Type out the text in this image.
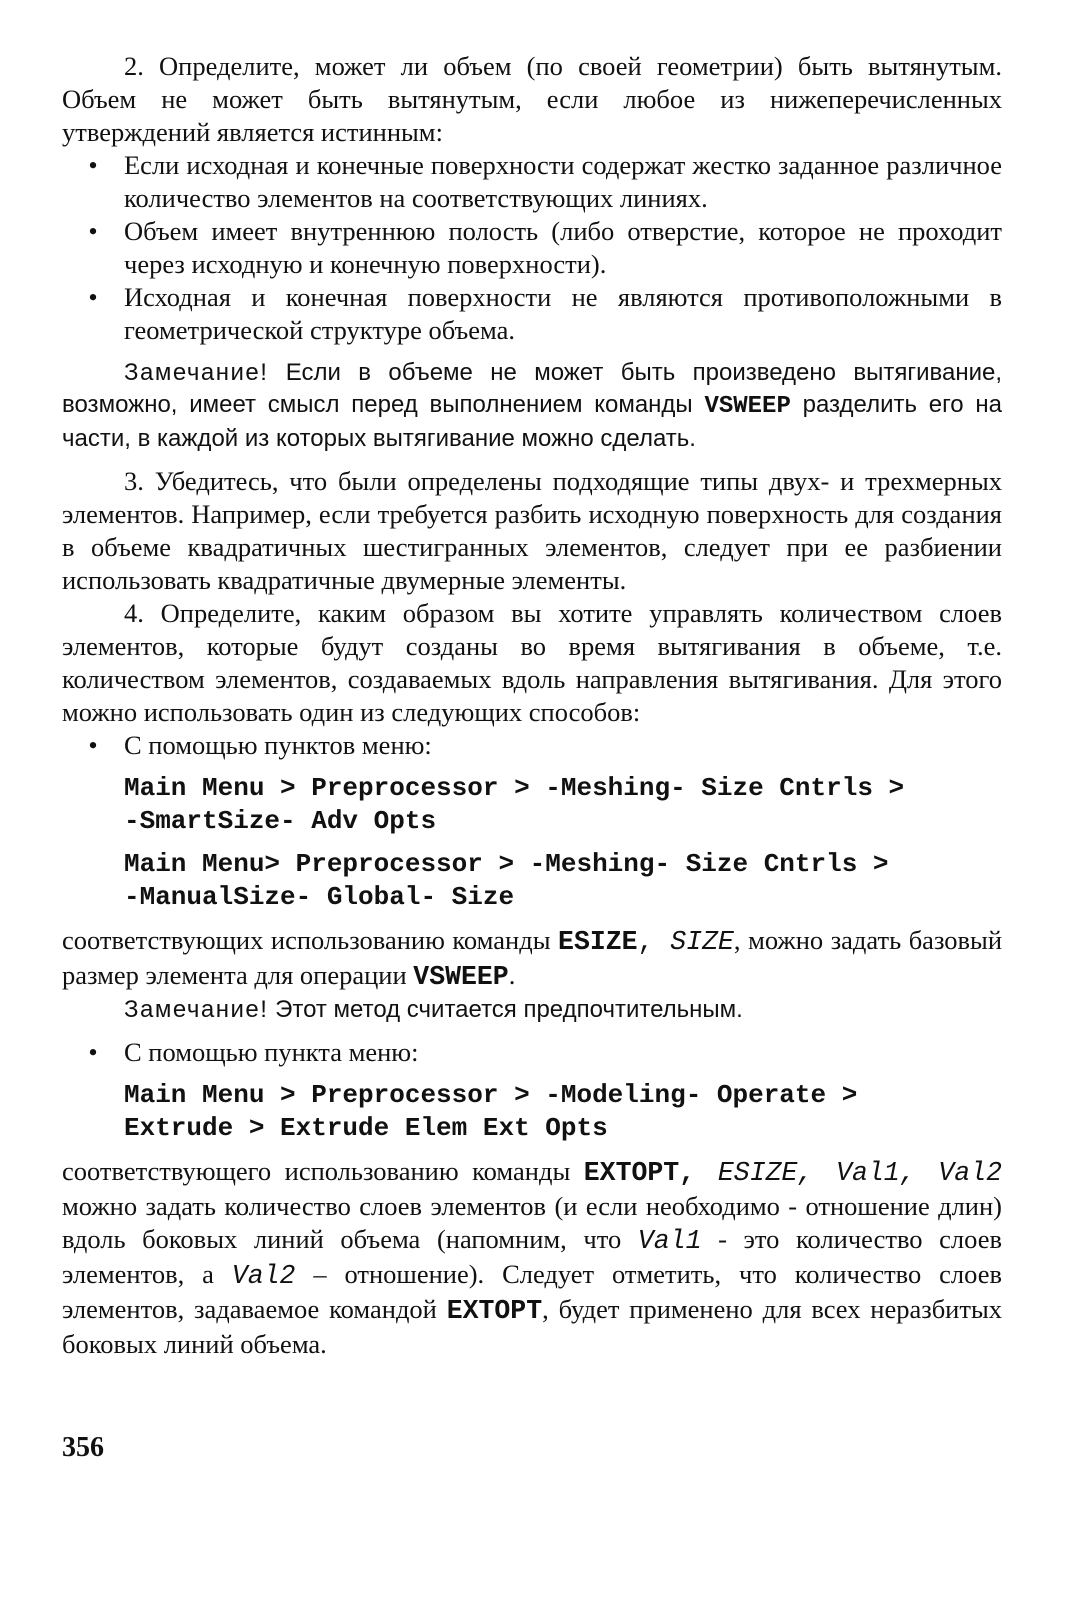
2. Определите, может ли объем (по своей геометрии) быть вытянутым. Объем не может быть вытянутым, если любое из нижеперечисленных утверждений является истинным:

• Если исходная и конечные поверхности содержат жестко заданное различное количество элементов на соответствующих линиях.

• Объем имеет внутреннюю полость (либо отверстие, которое не проходит через исходную и конечную поверхности).

• Исходная и конечная поверхности не являются противоположными в геометрической структуре объема.

Замечание! Если в объеме не может быть произведено вытягивание, возможно, имеет смысл перед выполнением команды VSWEEP разделить его на части, в каждой из которых вытягивание можно сделать.

3. Убедитесь, что были определены подходящие типы двух- и трехмерных элементов. Например, если требуется разбить исходную поверхность для создания в объеме квадратичных шестигранных элементов, следует при ее разбиении использовать квадратичные двумерные элементы.

4. Определите, каким образом вы хотите управлять количеством слоев элементов, которые будут созданы во время вытягивания в объеме, т.е. количеством элементов, создаваемых вдоль направления вытягивания. Для этого можно использовать один из следующих способов:

• С помощью пунктов меню:

Main Menu > Preprocessor > -Meshing- Size Cntrls >
-SmartSize- Adv Opts
Main Menu> Preprocessor > -Meshing- Size Cntrls >
-ManualSize- Global- Size

соответствующих использованию команды ESIZE, SIZE, можно задать базовый размер элемента для операции VSWEEP.

Замечание! Этот метод считается предпочтительным.

• С помощью пункта меню:

Main Menu > Preprocessor > -Modeling- Operate >
Extrude > Extrude Elem Ext Opts

соответствующего использованию команды EXTOPT, ESIZE, Val1, Val2 можно задать количество слоев элементов (и если необходимо - отношение длин) вдоль боковых линий объема (напомним, что Val1 - это количество слоев элементов, а Val2 – отношение). Следует отметить, что количество слоев элементов, задаваемое командой EXTOPT, будет применено для всех неразбитых боковых линий объема.

356
